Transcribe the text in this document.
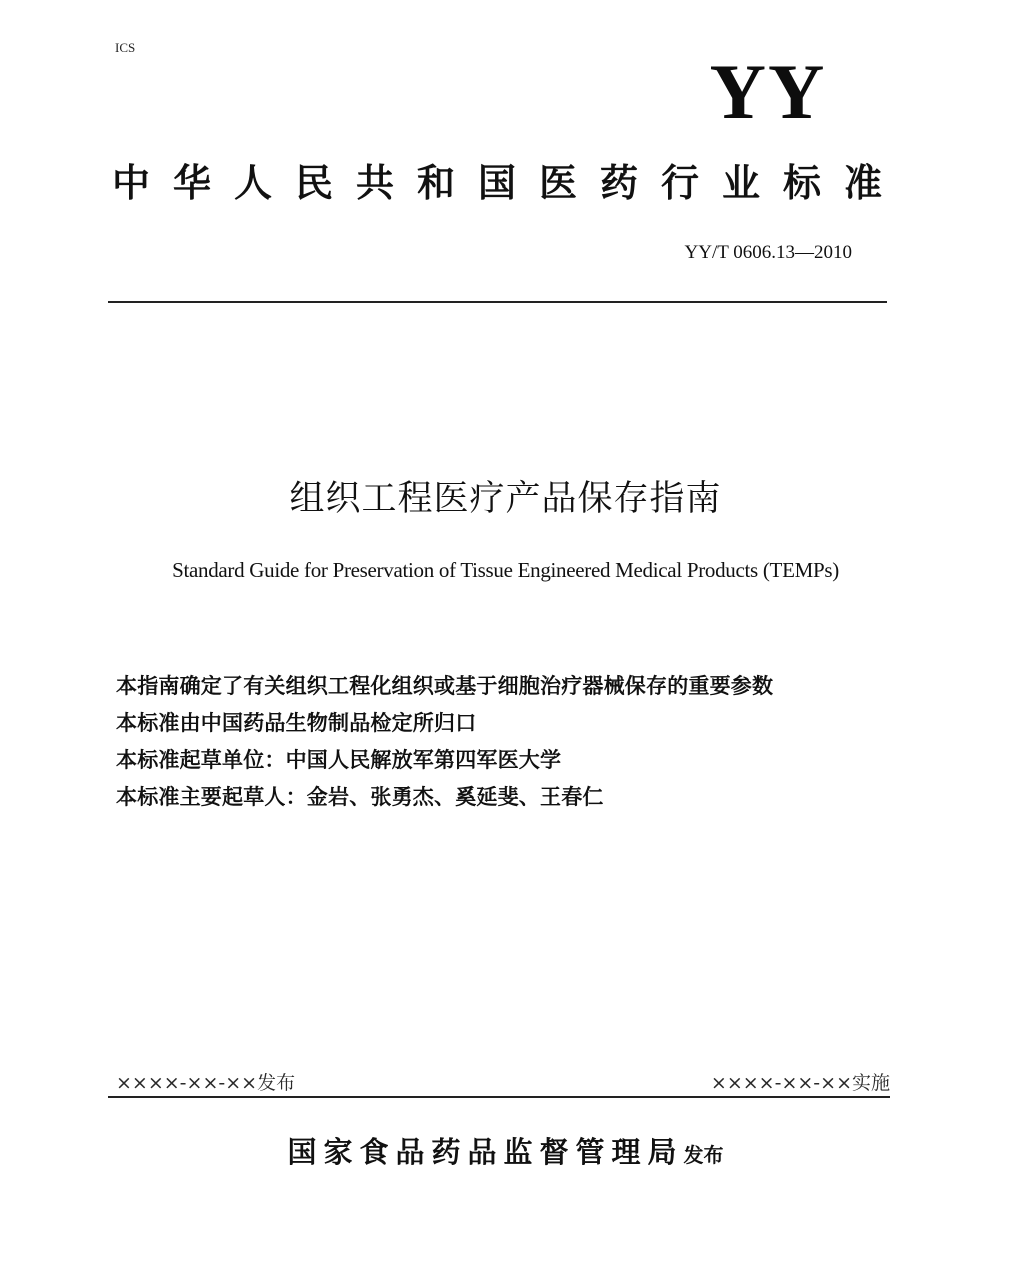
ICS
YY
中华人民共和国医药行业标准
YY/T 0606.13—2010
组织工程医疗产品保存指南
Standard Guide for Preservation of Tissue Engineered Medical Products (TEMPs)
本指南确定了有关组织工程化组织或基于细胞治疗器械保存的重要参数
本标准由中国药品生物制品检定所归口
本标准起草单位：中国人民解放军第四军医大学
本标准主要起草人：金岩、张勇杰、奚延斐、王春仁
××××-××-××发布	××××-××-××实施
国家食品药品监督管理局发布
